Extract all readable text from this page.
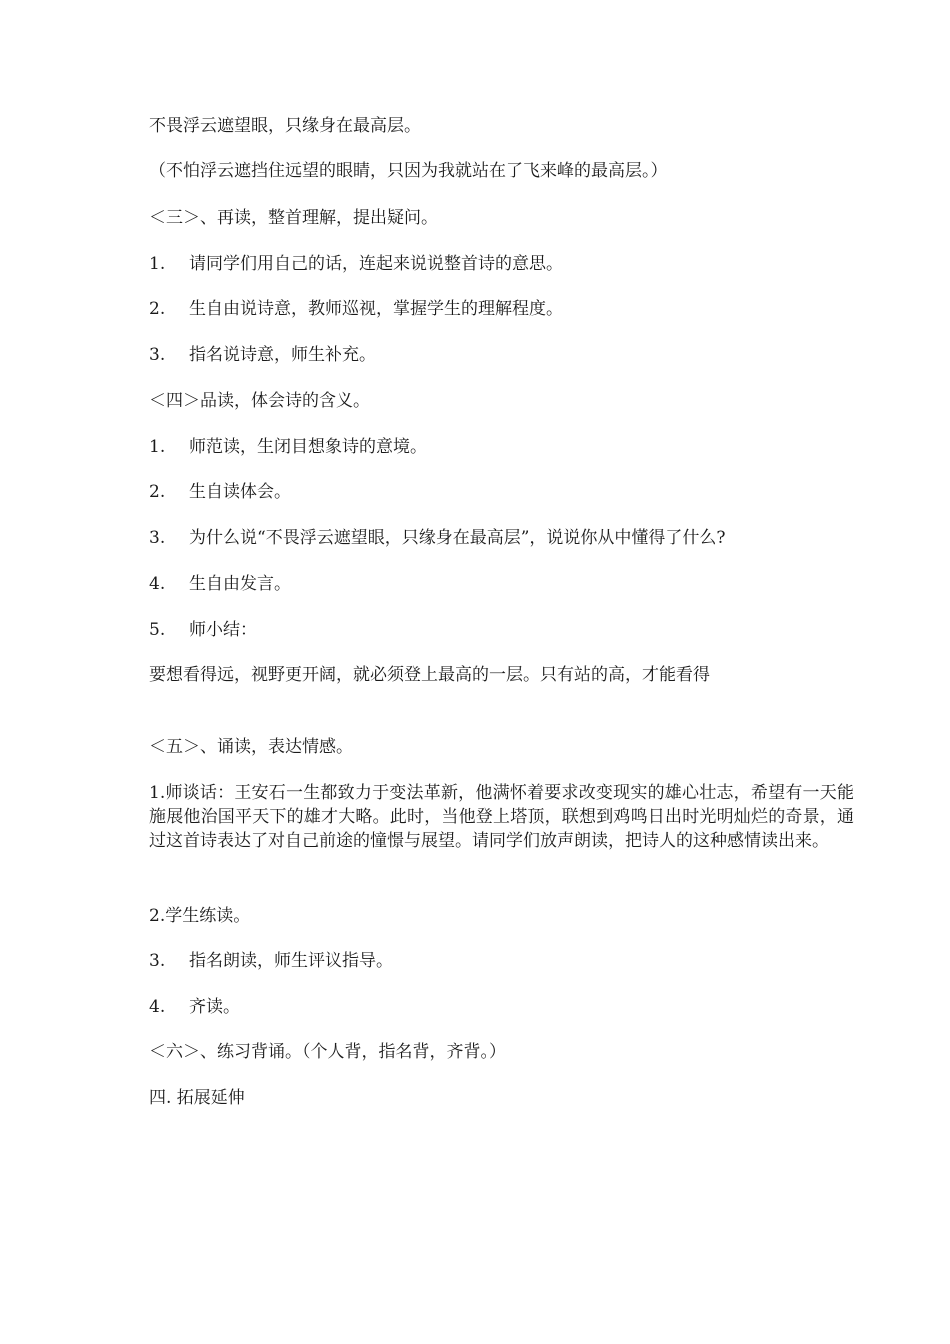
不畏浮云遮望眼，只缘身在最高层。
（不怕浮云遮挡住远望的眼睛，只因为我就站在了飞来峰的最高层。）
＜三＞、再读，整首理解，提出疑问。
1. 请同学们用自己的话，连起来说说整首诗的意思。
2. 生自由说诗意，教师巡视，掌握学生的理解程度。
3. 指名说诗意，师生补充。
＜四＞品读，体会诗的含义。
1. 师范读，生闭目想象诗的意境。
2. 生自读体会。
3. 为什么说“不畏浮云遮望眼，只缘身在最高层”，说说你从中懂得了什么?
4. 生自由发言。
5. 师小结：
要想看得远，视野更开阔，就必须登上最高的一层。只有站的高，才能看得
＜五＞、诵读，表达情感。
1.师谈话：王安石一生都致力于变法革新，他满怀着要求改变现实的雄心壮志，希望有一天能施展他治国平天下的雄才大略。此时，当他登上塔顶，联想到鸡鸣日出时光明灿烂的奇景，通过这首诗表达了对自己前途的憧憬与展望。请同学们放声朗读，把诗人的这种感情读出来。
2.学生练读。
3. 指名朗读，师生评议指导。
4. 齐读。
＜六＞、练习背诵。（个人背，指名背，齐背。）
四. 拓展延伸
